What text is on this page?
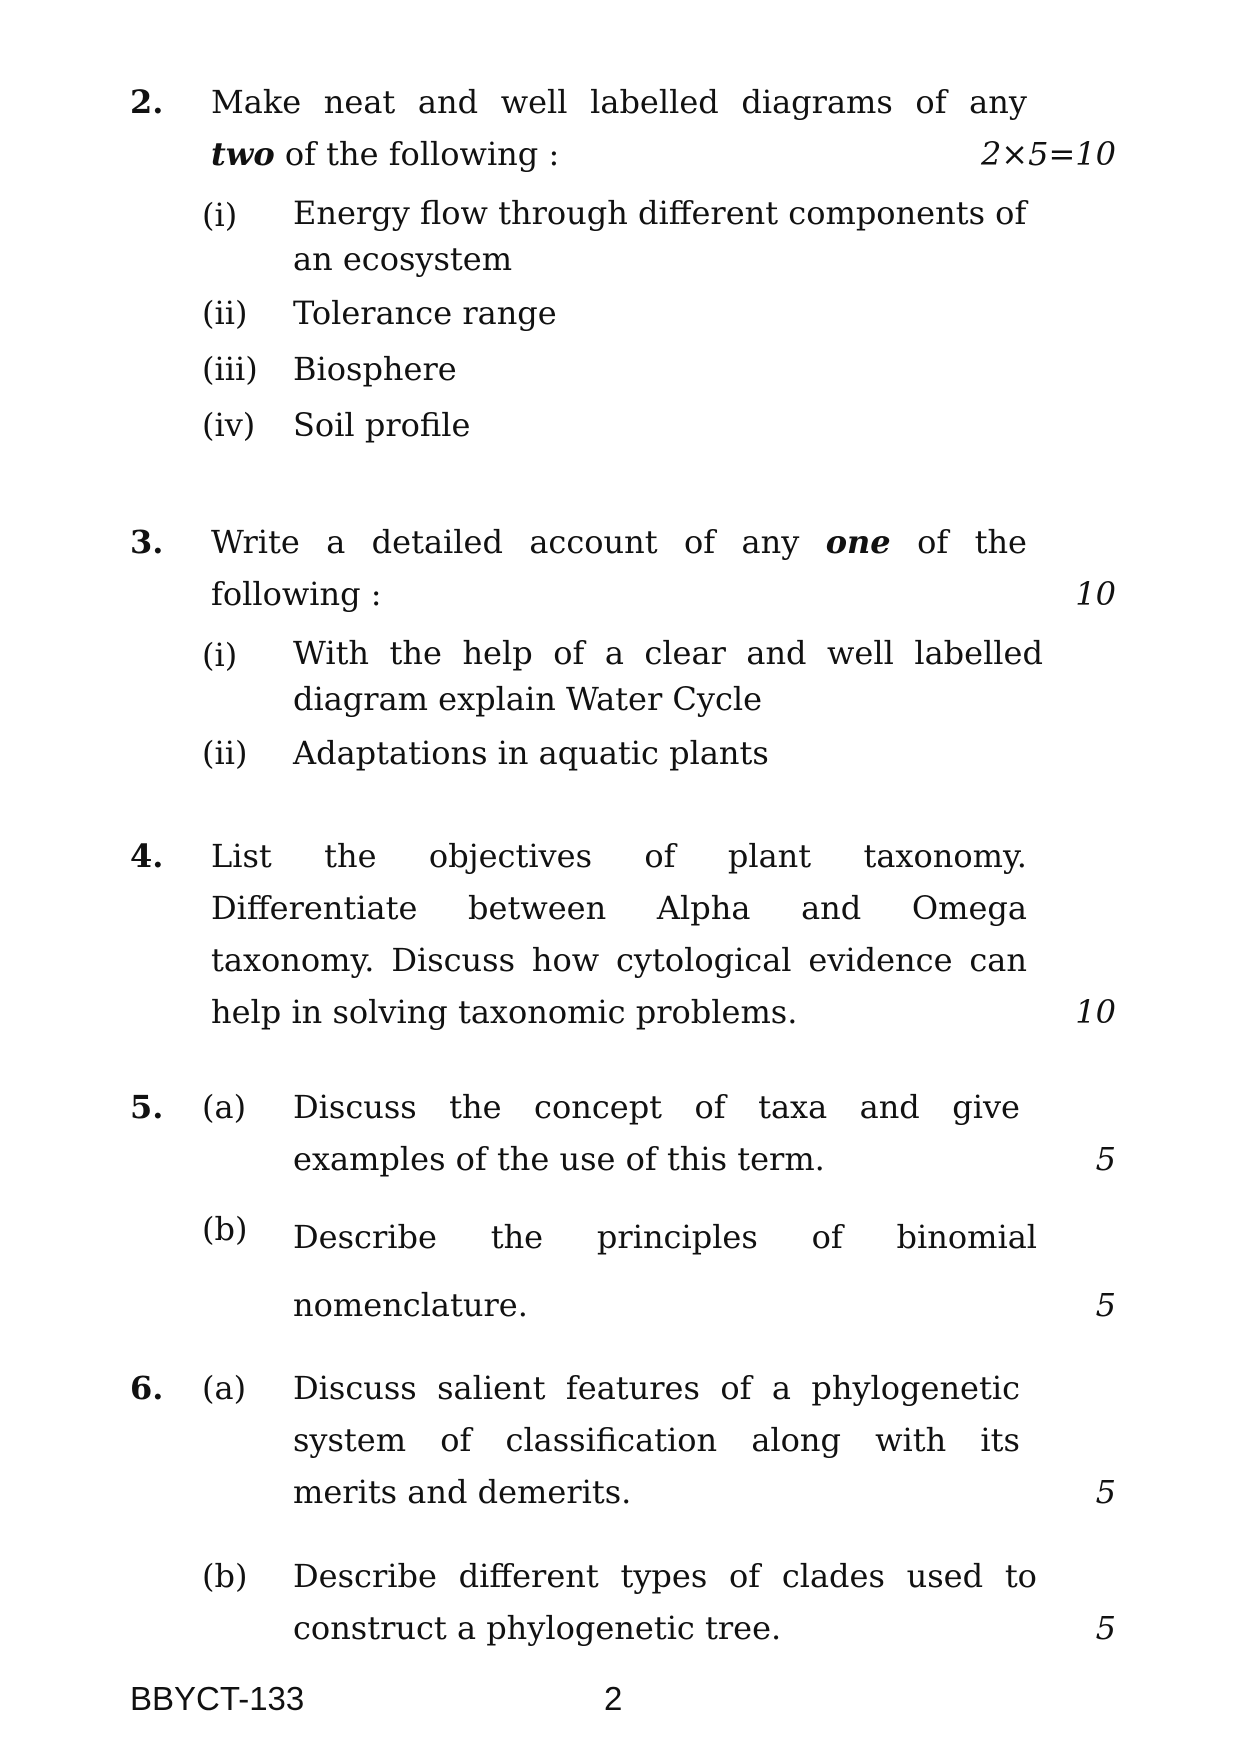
2. Make neat and well labelled diagrams of any
two of the following :	2×5=10
(i) Energy flow through different components of
an ecosystem
(ii) Tolerance range
(iii) Biosphere
(iv) Soil profile
3. Write a detailed account of any one of the
following :	10
(i) With the help of a clear and well labelled
diagram explain Water Cycle
(ii) Adaptations in aquatic plants
4. List the objectives of plant taxonomy.
Differentiate between Alpha and Omega
taxonomy. Discuss how cytological evidence can
help in solving taxonomic problems.	10
5. (a) Discuss the concept of taxa and give
examples of the use of this term.	5
(b) Describe the principles of binomial
nomenclature.	5
6. (a) Discuss salient features of a phylogenetic
system of classification along with its
merits and demerits.	5
(b) Describe different types of clades used to
construct a phylogenetic tree.	5
BBYCT-133	2
